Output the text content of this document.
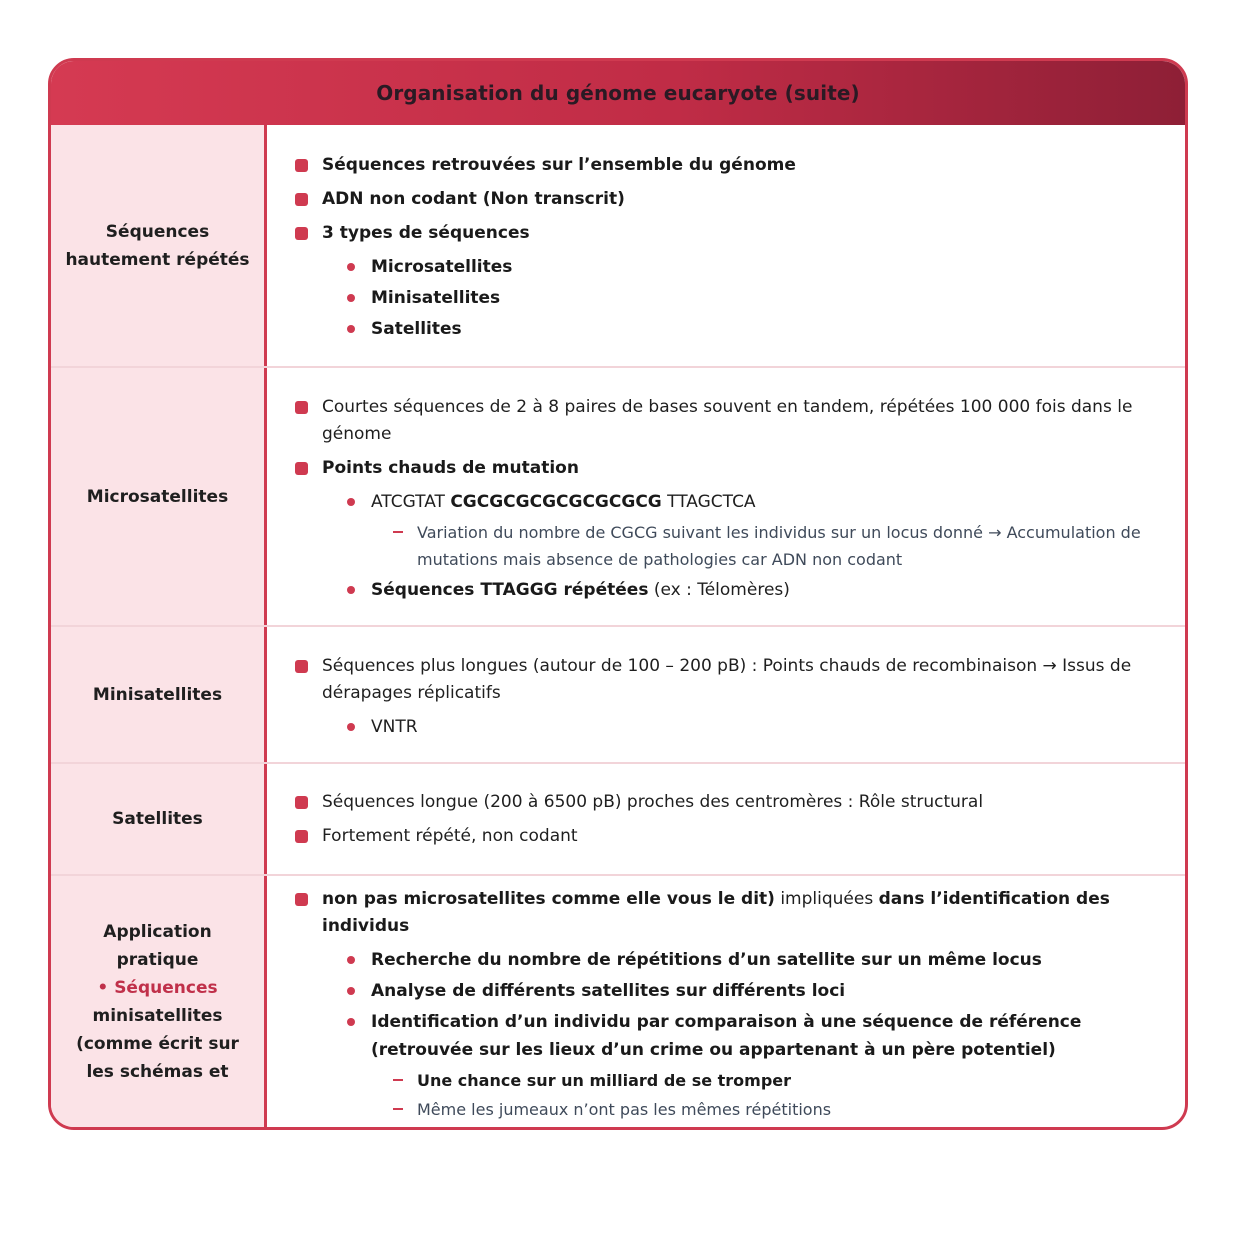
Organisation du génome eucaryote (suite)
Séquences hautement répétés
Séquences retrouvées sur l’ensemble du génome
ADN non codant (Non transcrit)
3 types de séquences
Microsatellites
Minisatellites
Satellites
Microsatellites
Courtes séquences de 2 à 8 paires de bases souvent en tandem, répétées 100 000 fois dans le génome
Points chauds de mutation
ATCGTAT CGCGCGCGCGCGCGCG TTAGCTCA
Variation du nombre de CGCG suivant les individus sur un locus donné → Accumulation de mutations mais absence de pathologies car ADN non codant
Séquences TTAGGG répétées (ex : Télomères)
Minisatellites
Séquences plus longues (autour de 100 – 200 pB) : Points chauds de recombinaison → Issus de dérapages réplicatifs
VNTR
Satellites
Séquences longue (200 à 6500 pB) proches des centromères : Rôle structural
Fortement répété, non codant
Application pratique
• Séquences
minisatellites (comme écrit sur les schémas et
non pas microsatellites comme elle vous le dit) impliquées dans l’identification des individus
Recherche du nombre de répétitions d’un satellite sur un même locus
Analyse de différents satellites sur différents loci
Identification d’un individu par comparaison à une séquence de référence (retrouvée sur les lieux d’un crime ou appartenant à un père potentiel)
Une chance sur un milliard de se tromper
Même les jumeaux n’ont pas les mêmes répétitions
